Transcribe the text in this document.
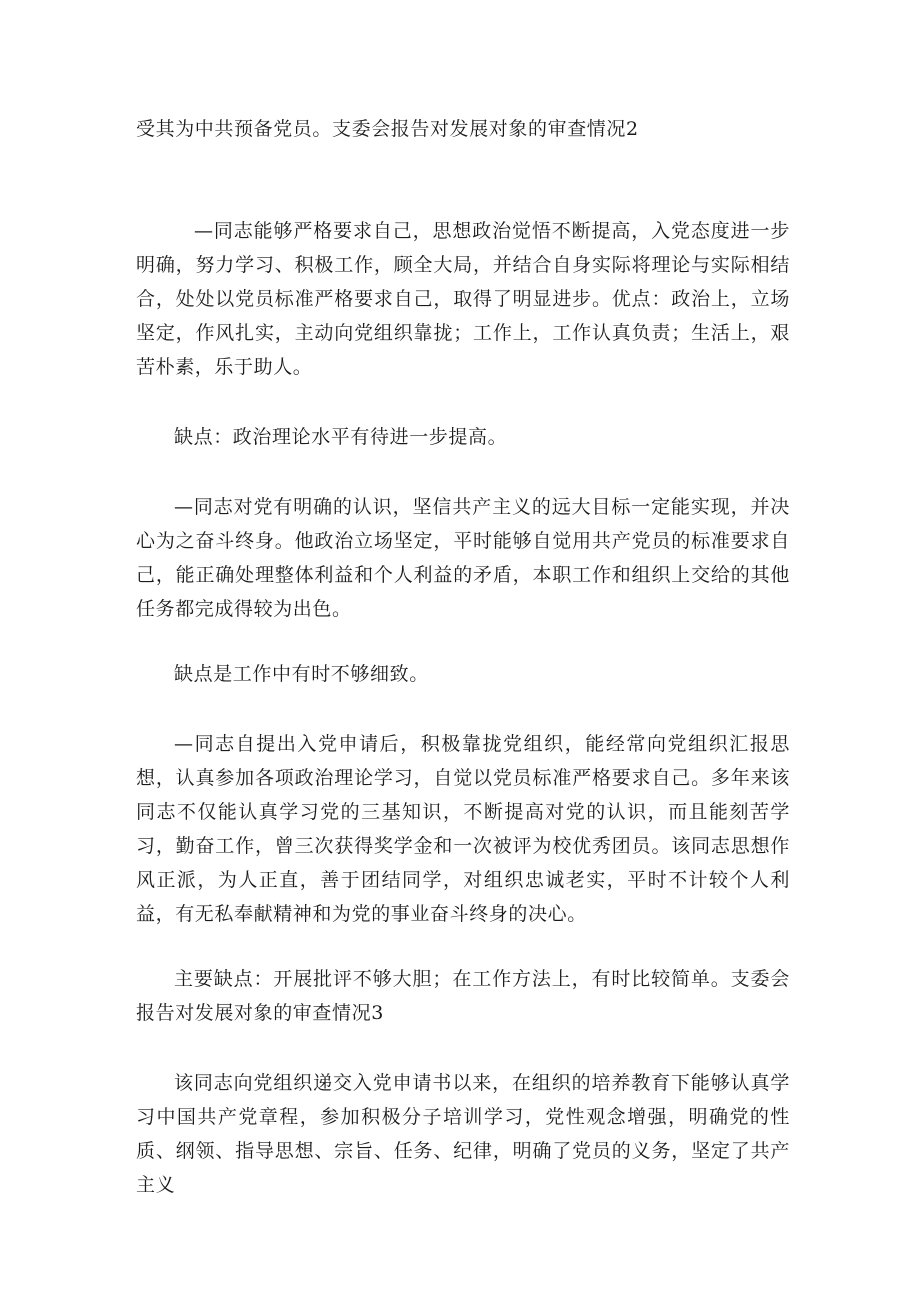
受其为中共预备党员。支委会报告对发展对象的审查情况2

—同志能够严格要求自己，思想政治觉悟不断提高，入党态度进一步明确，努力学习、积极工作，顾全大局，并结合自身实际将理论与实际相结合，处处以党员标准严格要求自己，取得了明显进步。优点：政治上，立场坚定，作风扎实，主动向党组织靠拢；工作上，工作认真负责；生活上，艰苦朴素，乐于助人。

缺点：政治理论水平有待进一步提高。

—同志对党有明确的认识，坚信共产主义的远大目标一定能实现，并决心为之奋斗终身。他政治立场坚定，平时能够自觉用共产党员的标准要求自己，能正确处理整体利益和个人利益的矛盾，本职工作和组织上交给的其他任务都完成得较为出色。

缺点是工作中有时不够细致。

—同志自提出入党申请后，积极靠拢党组织，能经常向党组织汇报思想，认真参加各项政治理论学习，自觉以党员标准严格要求自己。多年来该同志不仅能认真学习党的三基知识，不断提高对党的认识，而且能刻苦学习，勤奋工作，曾三次获得奖学金和一次被评为校优秀团员。该同志思想作风正派，为人正直，善于团结同学，对组织忠诚老实，平时不计较个人利益，有无私奉献精神和为党的事业奋斗终身的决心。

主要缺点：开展批评不够大胆；在工作方法上，有时比较简单。支委会报告对发展对象的审查情况3

该同志向党组织递交入党申请书以来，在组织的培养教育下能够认真学习中国共产党章程，参加积极分子培训学习，党性观念增强，明确党的性质、纲领、指导思想、宗旨、任务、纪律，明确了党员的义务，坚定了共产主义
